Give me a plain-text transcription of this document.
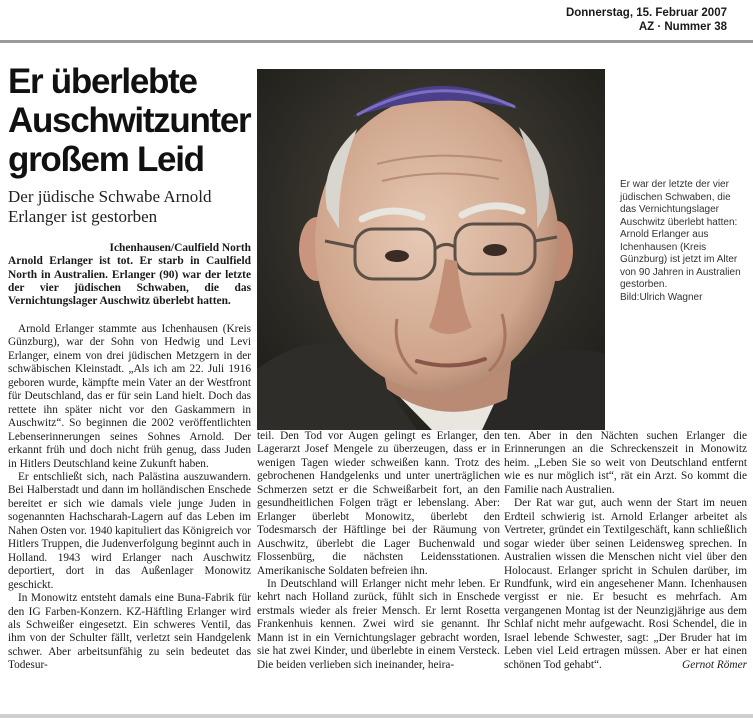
Donnerstag, 15. Februar 2007
AZ · Nummer 38
Er überlebte Auschwitzunter großem Leid
Der jüdische Schwabe Arnold Erlanger ist gestorben

Ichenhausen/Caulfield North
Arnold Erlanger ist tot. Er starb in Caulfield North in Australien. Erlanger (90) war der letzte der vier jüdischen Schwaben, die das Vernichtungslager Auschwitz überlebt hatten.

Er war der letzte der vier jüdischen Schwaben, die das Vernichtungslager Auschwitz überlebt hatten: Arnold Erlanger aus Ichenhausen (Kreis Günzburg) ist jetzt im Alter von 90 Jahren in Australien gestorben.
Bild:Ulrich Wagner

Arnold Erlanger stammte aus Ichenhausen (Kreis Günzburg), war der Sohn von Hedwig und Levi Erlanger, einem von drei jüdischen Metzgern in der schwäbischen Kleinstadt. „Als ich am 22. Juli 1916 geboren wurde, kämpfte mein Vater an der Westfront für Deutschland, das er für sein Land hielt. Doch das rettete ihn später nicht vor den Gaskammern in Auschwitz“. So beginnen die 2002 veröffentlichten Lebenserinnerungen seines Sohnes Arnold. Der erkannt früh und doch nicht früh genug, dass Juden in Hitlers Deutschland keine Zukunft haben.

Er entschließt sich, nach Palästina auszuwandern. Bei Halberstadt und dann im holländischen Enschede bereitet er sich wie damals viele junge Juden in sogenannten Hachscharah-Lagern auf das Leben im Nahen Osten vor. 1940 kapituliert das Königreich vor Hitlers Truppen, die Judenverfolgung beginnt auch in Holland. 1943 wird Erlanger nach Auschwitz deportiert, dort in das Außenlager Monowitz geschickt.

In Monowitz entsteht damals eine Buna-Fabrik für den IG Farben-Konzern. KZ-Häftling Erlanger wird als Schweißer eingesetzt. Ein schweres Ventil, das ihm von der Schulter fällt, verletzt sein Handgelenk schwer. Aber arbeitsunfähig zu sein bedeutet das Todesur-

teil. Den Tod vor Augen gelingt es Erlanger, den Lagerarzt Josef Mengele zu überzeugen, dass er in wenigen Tagen wieder schweißen kann. Trotz des gebrochenen Handgelenks und unter unerträglichen Schmerzen setzt er die Schweißarbeit fort, an den gesundheitlichen Folgen trägt er lebenslang. Aber: Erlanger überlebt Monowitz, überlebt den Todesmarsch der Häftlinge bei der Räumung von Auschwitz, überlebt die Lager Buchenwald und Flossenbürg, die nächsten Leidensstationen. Amerikanische Soldaten befreien ihn.

In Deutschland will Erlanger nicht mehr leben. Er kehrt nach Holland zurück, fühlt sich in Enschede erstmals wieder als freier Mensch. Er lernt Rosetta Frankenhuis kennen. Zwei wird sie genannt. Ihr Mann ist in ein Vernichtungslager gebracht worden, sie hat zwei Kinder, und überlebte in einem Versteck. Die beiden verlieben sich ineinander, heira-

ten. Aber in den Nächten suchen Erlanger die Erinnerungen an die Schreckenszeit in Monowitz heim. „Leben Sie so weit von Deutschland entfernt wie es nur möglich ist“, rät ein Arzt. So kommt die Familie nach Australien.

Der Rat war gut, auch wenn der Start im neuen Erdteil schwierig ist. Arnold Erlanger arbeitet als Vertreter, gründet ein Textilgeschäft, kann schließlich sogar wieder über seinen Leidensweg sprechen. In Australien wissen die Menschen nicht viel über den Holocaust. Erlanger spricht in Schulen darüber, im Rundfunk, wird ein angesehener Mann. Ichenhausen vergisst er nie. Er besucht es mehrfach. Am vergangenen Montag ist der Neunzigjährige aus dem Schlaf nicht mehr aufgewacht. Rosi Schendel, die in Israel lebende Schwester, sagt: „Der Bruder hat im Leben viel Leid ertragen müssen. Aber er hat einen schönen Tod gehabt“.	Gernot Römer
